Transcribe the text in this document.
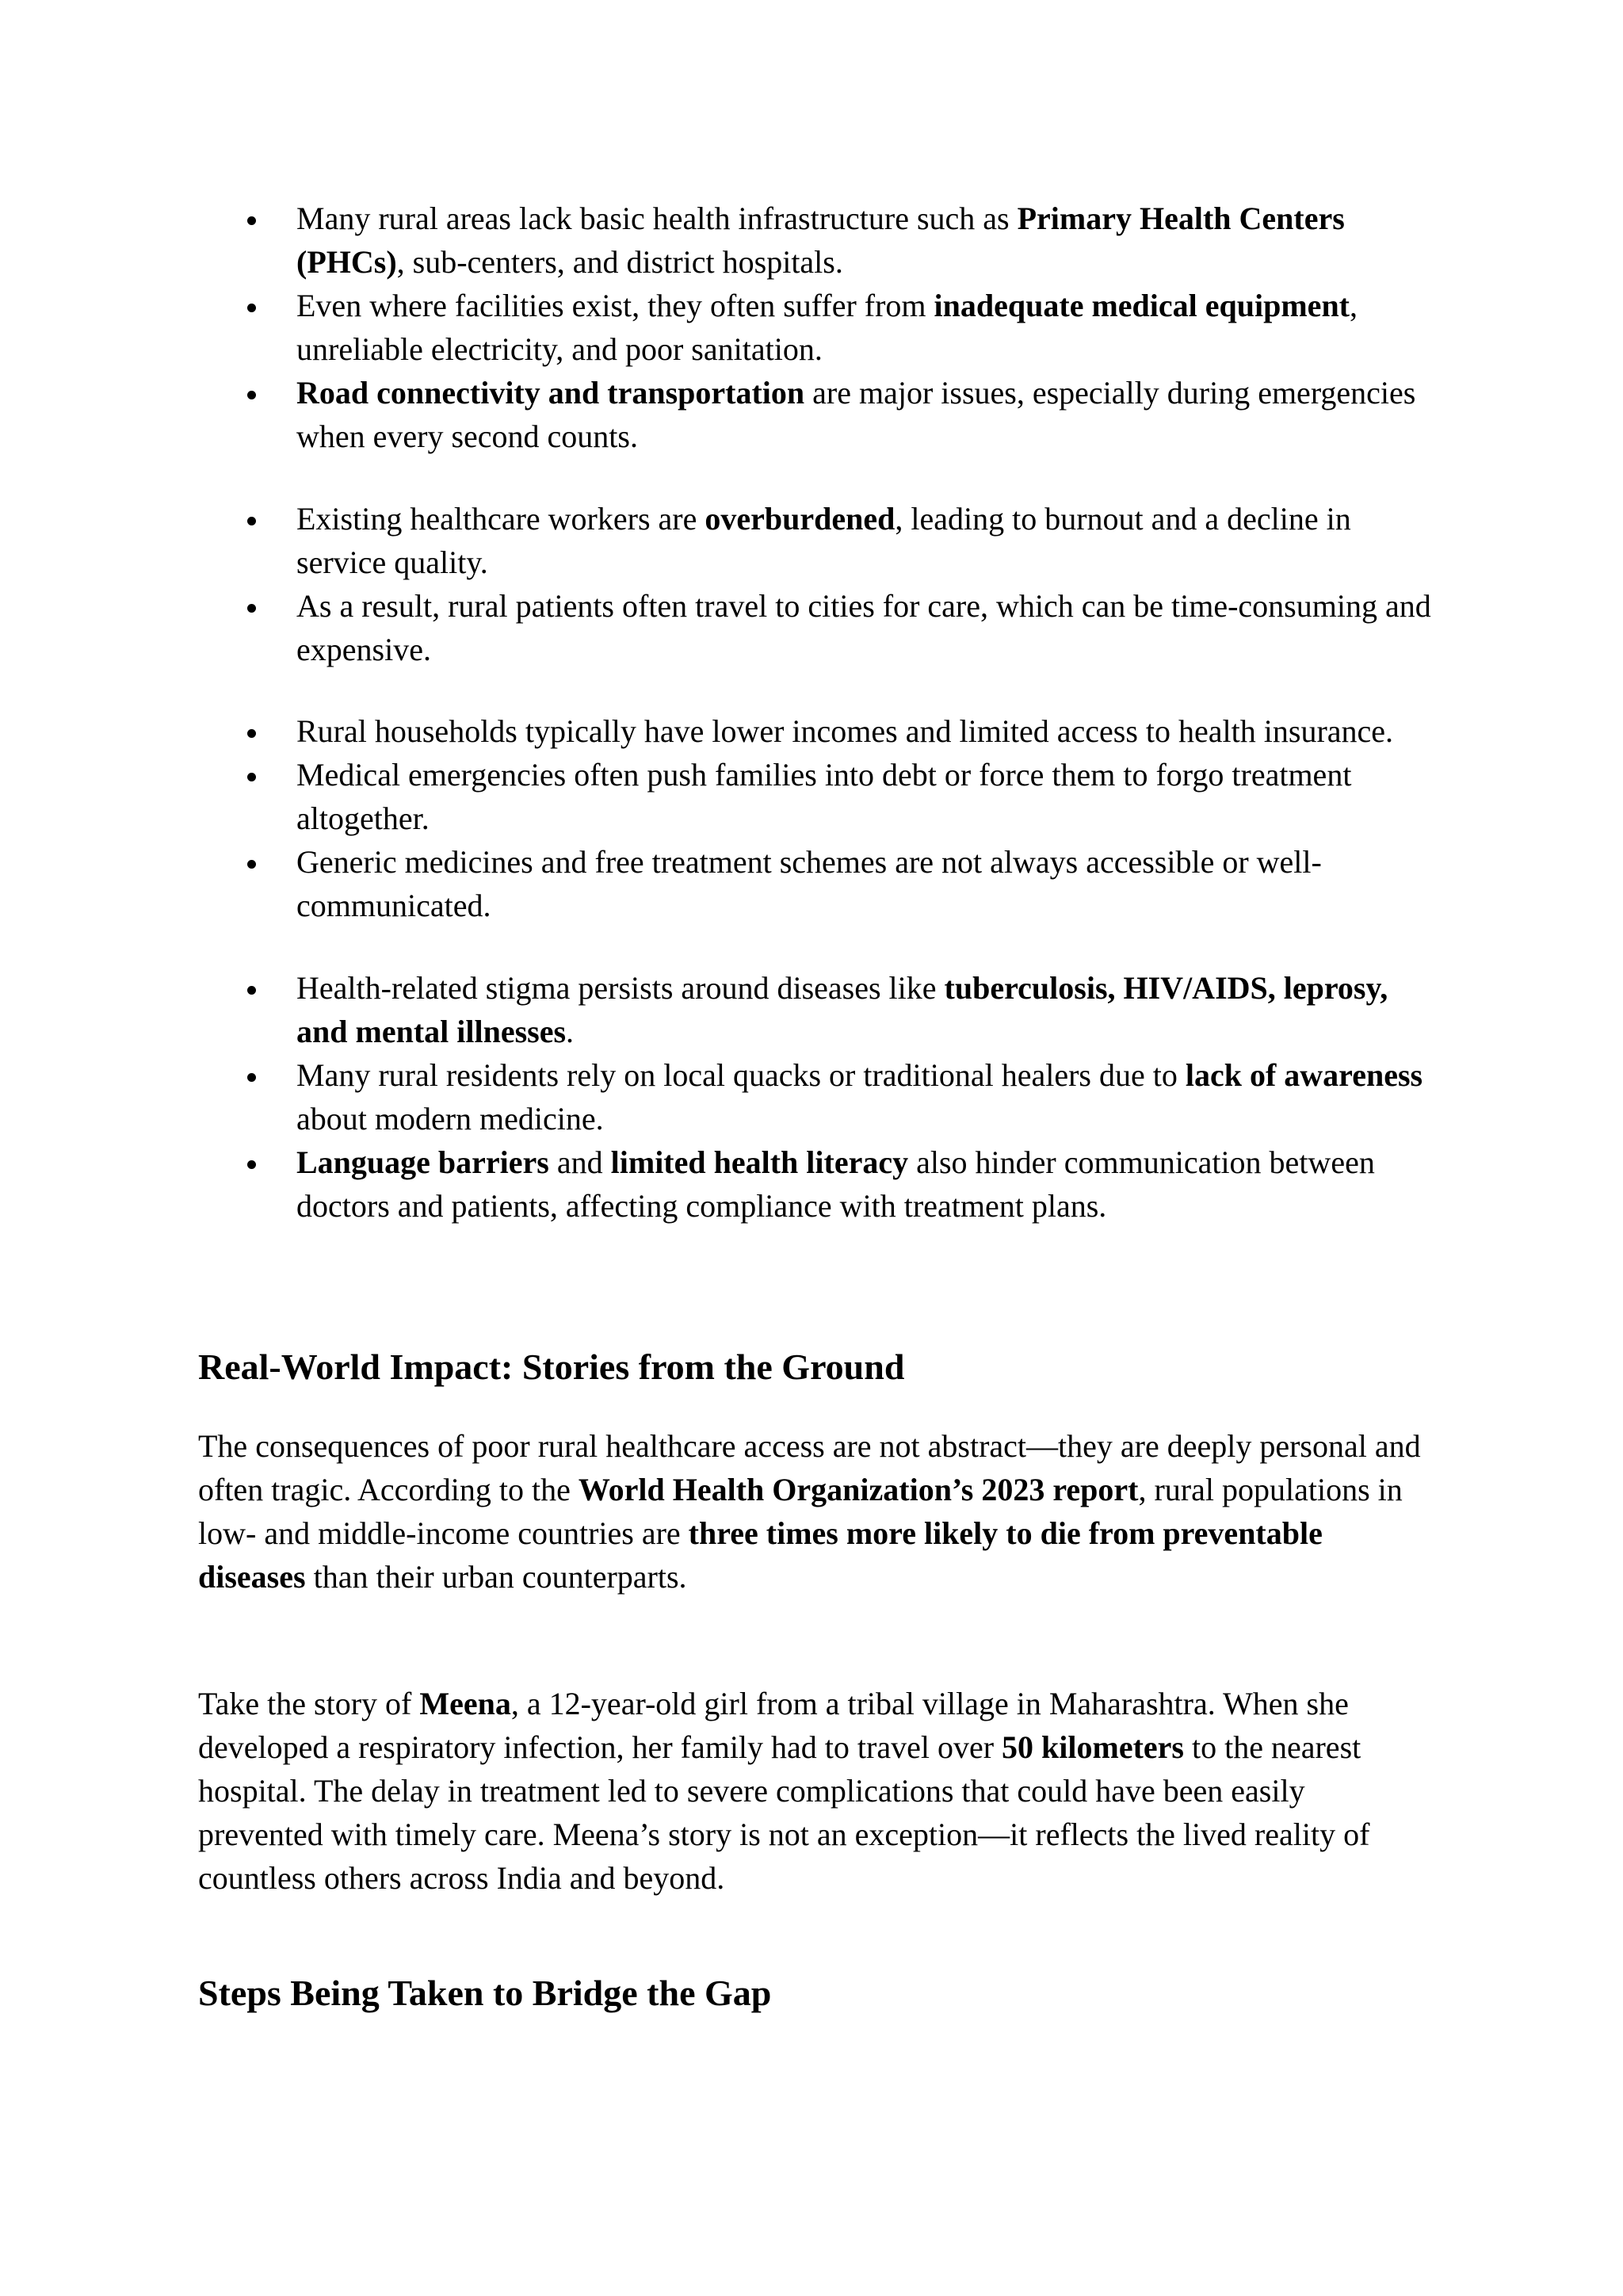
Many rural areas lack basic health infrastructure such as Primary Health Centers (PHCs), sub-centers, and district hospitals.
Even where facilities exist, they often suffer from inadequate medical equipment, unreliable electricity, and poor sanitation.
Road connectivity and transportation are major issues, especially during emergencies when every second counts.
Existing healthcare workers are overburdened, leading to burnout and a decline in service quality.
As a result, rural patients often travel to cities for care, which can be time-consuming and expensive.
Rural households typically have lower incomes and limited access to health insurance.
Medical emergencies often push families into debt or force them to forgo treatment altogether.
Generic medicines and free treatment schemes are not always accessible or well-communicated.
Health-related stigma persists around diseases like tuberculosis, HIV/AIDS, leprosy, and mental illnesses.
Many rural residents rely on local quacks or traditional healers due to lack of awareness about modern medicine.
Language barriers and limited health literacy also hinder communication between doctors and patients, affecting compliance with treatment plans.
Real-World Impact: Stories from the Ground

The consequences of poor rural healthcare access are not abstract—they are deeply personal and often tragic. According to the World Health Organization’s 2023 report, rural populations in low- and middle-income countries are three times more likely to die from preventable diseases than their urban counterparts.

Take the story of Meena, a 12-year-old girl from a tribal village in Maharashtra. When she developed a respiratory infection, her family had to travel over 50 kilometers to the nearest hospital. The delay in treatment led to severe complications that could have been easily prevented with timely care. Meena’s story is not an exception—it reflects the lived reality of countless others across India and beyond.

Steps Being Taken to Bridge the Gap
